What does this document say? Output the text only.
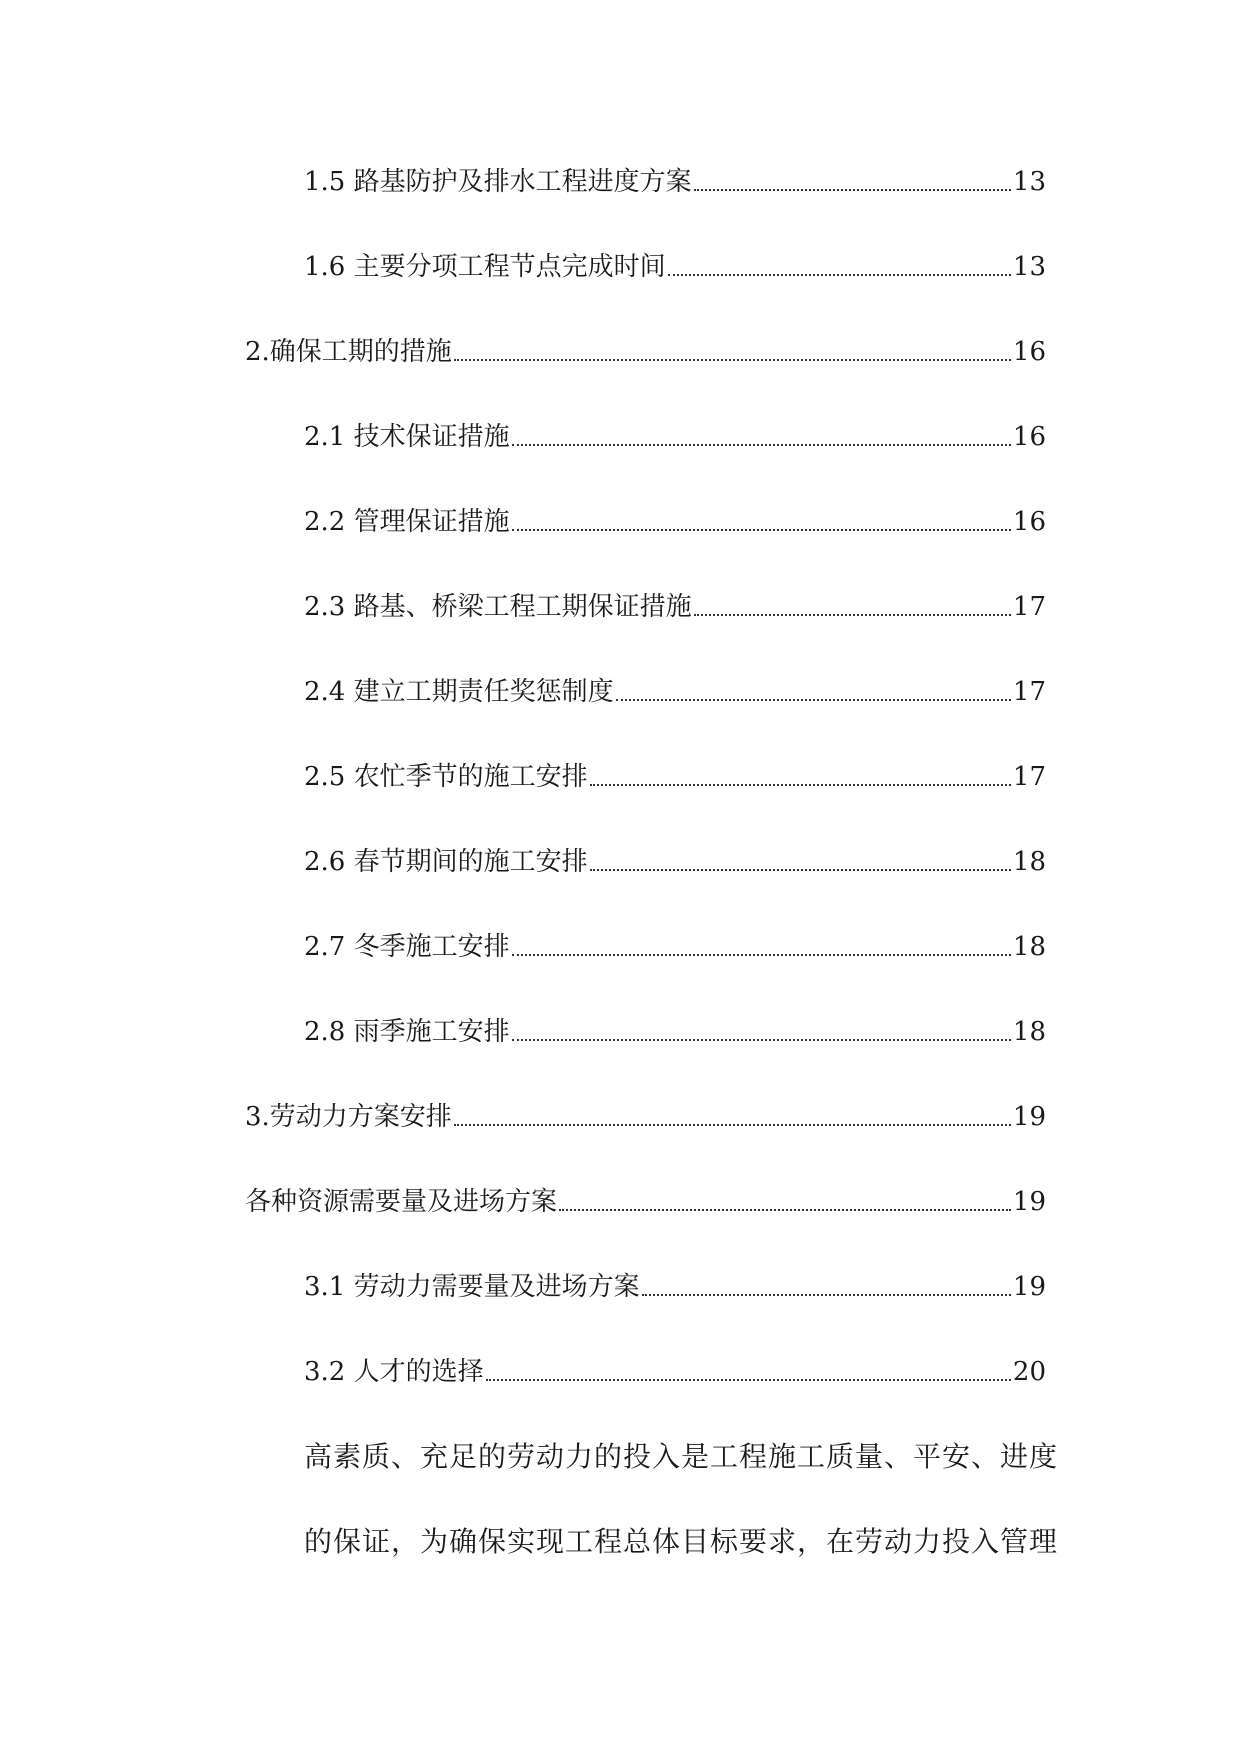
1.5 路基防护及排水工程进度方案	13
1.6 主要分项工程节点完成时间	13
2.确保工期的措施	16
2.1 技术保证措施	16
2.2 管理保证措施	16
2.3 路基、桥梁工程工期保证措施	17
2.4 建立工期责任奖惩制度	17
2.5 农忙季节的施工安排	17
2.6 春节期间的施工安排	18
2.7 冬季施工安排	18
2.8 雨季施工安排	18
3.劳动力方案安排	19
各种资源需要量及进场方案	19
3.1 劳动力需要量及进场方案	19
3.2 人才的选择	20
高素质、充足的劳动力的投入是工程施工质量、平安、进度
的保证，为确保实现工程总体目标要求，在劳动力投入管理
